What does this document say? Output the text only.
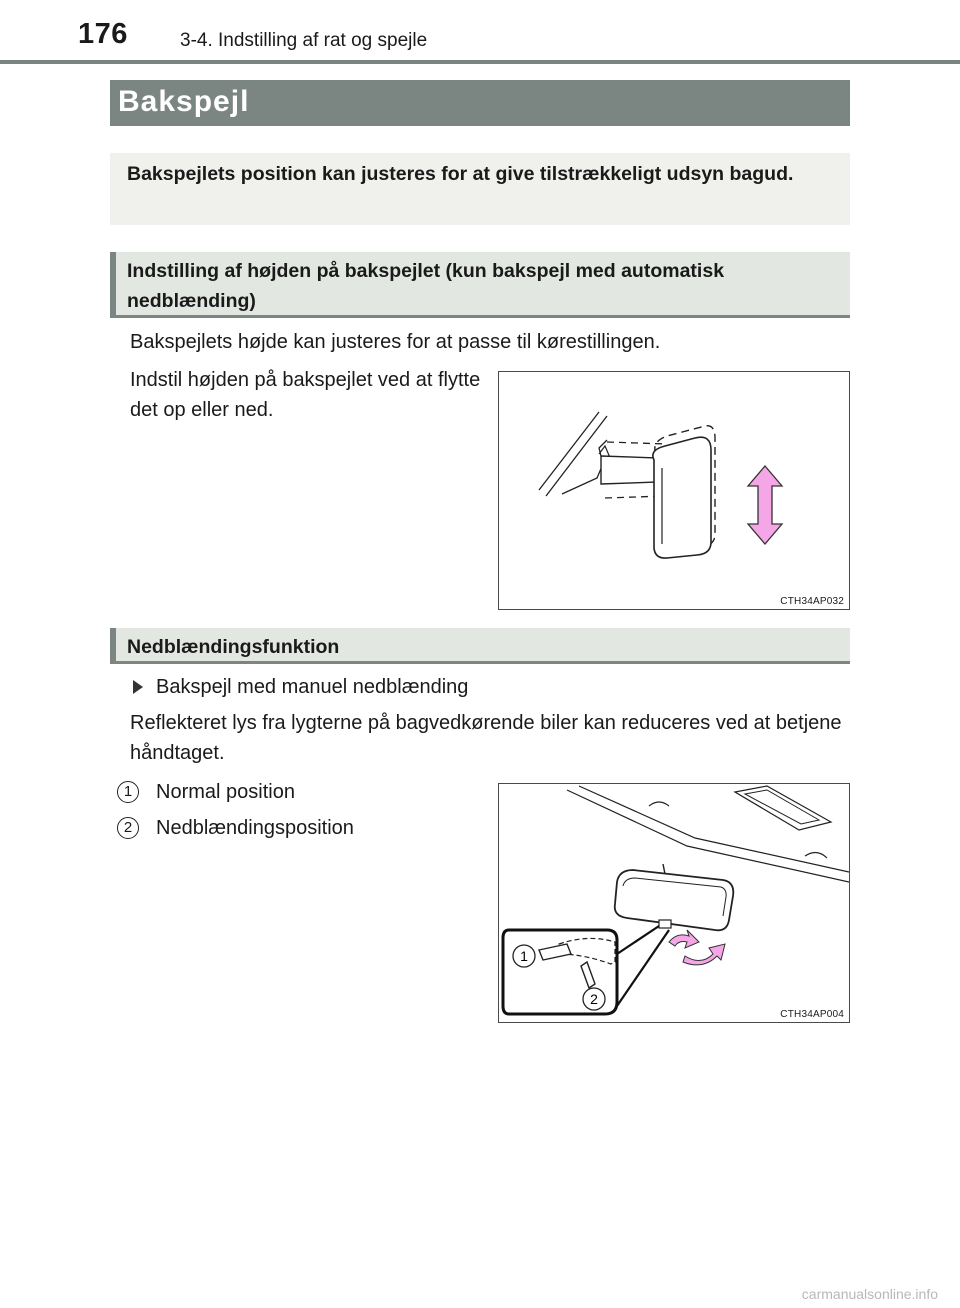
176	3-4. Indstilling af rat og spejle
Bakspejl
Bakspejlets position kan justeres for at give tilstrækkeligt udsyn bagud.
Indstilling af højden på bakspejlet (kun bakspejl med automatisk nedblænding)
Bakspejlets højde kan justeres for at passe til kørestillingen.
Indstil højden på bakspejlet ved at flytte det op eller ned.
CTH34AP032
Nedblændingsfunktion
Bakspejl med manuel nedblænding
Reflekteret lys fra lygterne på bagvedkørende biler kan reduceres ved at betjene håndtaget.
1	Normal position
2	Nedblændingsposition
1
2
CTH34AP004
carmanualsonline.info
